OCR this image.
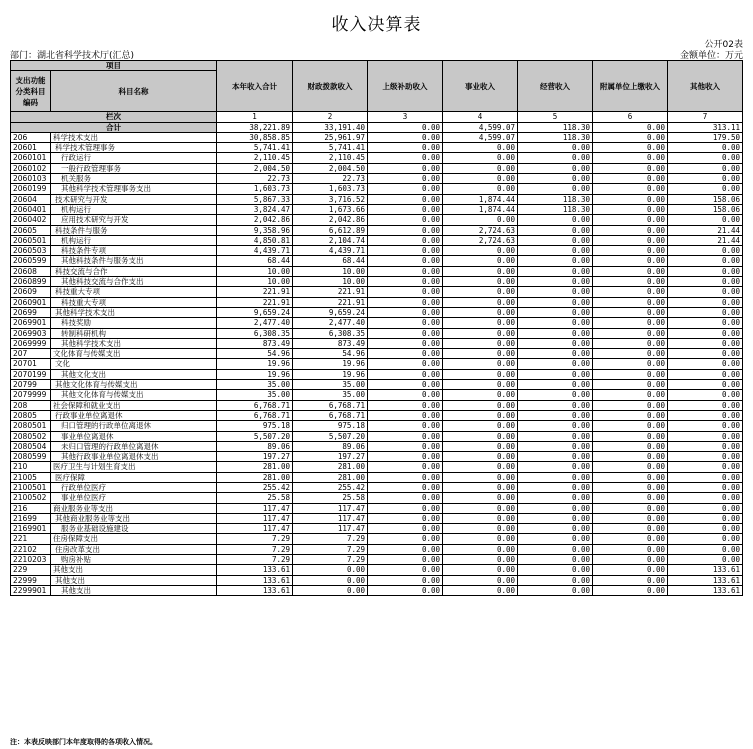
收入决算表
公开02表
部门：湖北省科学技术厅(汇总)	金额单位：万元
项目		本年收入合计	财政拨款收入	上级补助收入	事业收入	经营收入	附属单位上缴收入	其他收入
支出功能分类科目编码	科目名称							
栏次		1	2	3	4	5	6	7
合计		38,221.89	33,191.40	0.00	4,599.07	118.30	0.00	313.11
206	科学技术支出	30,858.85	25,961.97	0.00	4,599.07	118.30	0.00	179.50
20601	科学技术管理事务	5,741.41	5,741.41	0.00	0.00	0.00	0.00	0.00
2060101	行政运行	2,110.45	2,110.45	0.00	0.00	0.00	0.00	0.00
2060102	一般行政管理事务	2,004.50	2,004.50	0.00	0.00	0.00	0.00	0.00
2060103	机关服务	22.73	22.73	0.00	0.00	0.00	0.00	0.00
2060199	其他科学技术管理事务支出	1,603.73	1,603.73	0.00	0.00	0.00	0.00	0.00
20604	技术研究与开发	5,867.33	3,716.52	0.00	1,874.44	118.30	0.00	158.06
2060401	机构运行	3,824.47	1,673.66	0.00	1,874.44	118.30	0.00	158.06
2060402	应用技术研究与开发	2,042.86	2,042.86	0.00	0.00	0.00	0.00	0.00
20605	科技条件与服务	9,358.96	6,612.89	0.00	2,724.63	0.00	0.00	21.44
2060501	机构运行	4,850.81	2,104.74	0.00	2,724.63	0.00	0.00	21.44
2060503	科技条件专项	4,439.71	4,439.71	0.00	0.00	0.00	0.00	0.00
2060599	其他科技条件与服务支出	68.44	68.44	0.00	0.00	0.00	0.00	0.00
20608	科技交流与合作	10.00	10.00	0.00	0.00	0.00	0.00	0.00
2060899	其他科技交流与合作支出	10.00	10.00	0.00	0.00	0.00	0.00	0.00
20609	科技重大专项	221.91	221.91	0.00	0.00	0.00	0.00	0.00
2060901	科技重大专项	221.91	221.91	0.00	0.00	0.00	0.00	0.00
20699	其他科学技术支出	9,659.24	9,659.24	0.00	0.00	0.00	0.00	0.00
2069901	科技奖励	2,477.40	2,477.40	0.00	0.00	0.00	0.00	0.00
2069903	转制科研机构	6,308.35	6,308.35	0.00	0.00	0.00	0.00	0.00
2069999	其他科学技术支出	873.49	873.49	0.00	0.00	0.00	0.00	0.00
207	文化体育与传媒支出	54.96	54.96	0.00	0.00	0.00	0.00	0.00
20701	文化	19.96	19.96	0.00	0.00	0.00	0.00	0.00
2070199	其他文化支出	19.96	19.96	0.00	0.00	0.00	0.00	0.00
20799	其他文化体育与传媒支出	35.00	35.00	0.00	0.00	0.00	0.00	0.00
2079999	其他文化体育与传媒支出	35.00	35.00	0.00	0.00	0.00	0.00	0.00
208	社会保障和就业支出	6,768.71	6,768.71	0.00	0.00	0.00	0.00	0.00
20805	行政事业单位离退休	6,768.71	6,768.71	0.00	0.00	0.00	0.00	0.00
2080501	归口管理的行政单位离退休	975.18	975.18	0.00	0.00	0.00	0.00	0.00
2080502	事业单位离退休	5,507.20	5,507.20	0.00	0.00	0.00	0.00	0.00
2080504	未归口管理的行政单位离退休	89.06	89.06	0.00	0.00	0.00	0.00	0.00
2080599	其他行政事业单位离退休支出	197.27	197.27	0.00	0.00	0.00	0.00	0.00
210	医疗卫生与计划生育支出	281.00	281.00	0.00	0.00	0.00	0.00	0.00
21005	医疗保障	281.00	281.00	0.00	0.00	0.00	0.00	0.00
2100501	行政单位医疗	255.42	255.42	0.00	0.00	0.00	0.00	0.00
2100502	事业单位医疗	25.58	25.58	0.00	0.00	0.00	0.00	0.00
216	商业服务业等支出	117.47	117.47	0.00	0.00	0.00	0.00	0.00
21699	其他商业服务业等支出	117.47	117.47	0.00	0.00	0.00	0.00	0.00
2169901	服务业基础设施建设	117.47	117.47	0.00	0.00	0.00	0.00	0.00
221	住房保障支出	7.29	7.29	0.00	0.00	0.00	0.00	0.00
22102	住房改革支出	7.29	7.29	0.00	0.00	0.00	0.00	0.00
2210203	购房补贴	7.29	7.29	0.00	0.00	0.00	0.00	0.00
229	其他支出	133.61	0.00	0.00	0.00	0.00	0.00	133.61
22999	其他支出	133.61	0.00	0.00	0.00	0.00	0.00	133.61
2299901	其他支出	133.61	0.00	0.00	0.00	0.00	0.00	133.61
注：本表反映部门本年度取得的各项收入情况。
